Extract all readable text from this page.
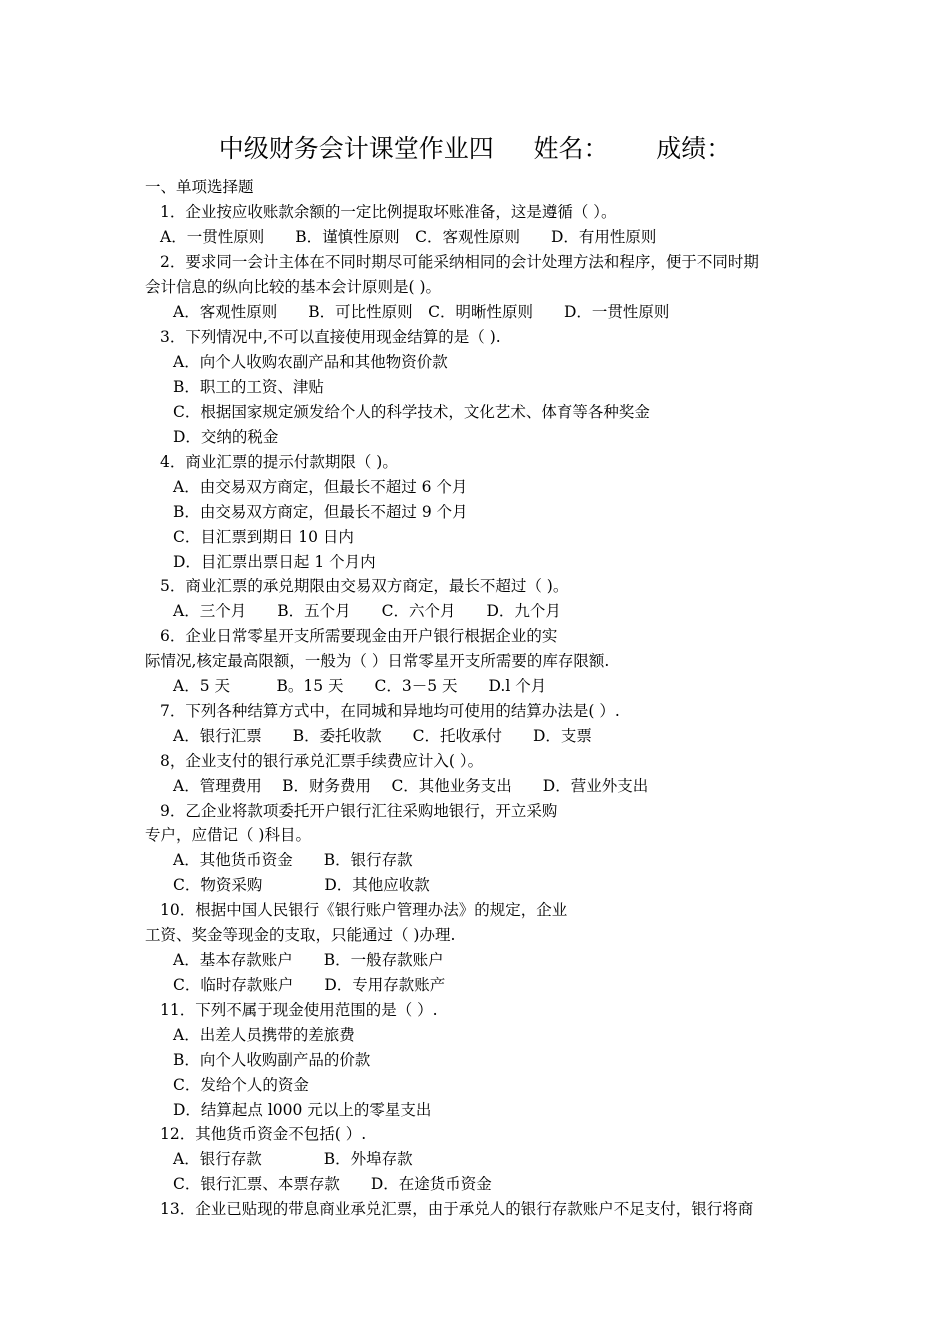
中级财务会计课堂作业四 姓名： 成绩：
一、单项选择题
1．企业按应收账款余额的一定比例提取坏账准备，这是遵循（ ）。
A．一贯性原则　　B．谨慎性原则　C．客观性原则　　D．有用性原则
2．要求同一会计主体在不同时期尽可能采纳相同的会计处理方法和程序，便于不同时期
会计信息的纵向比较的基本会计原则是( )。
A．客观性原则　　B．可比性原则　C．明晰性原则　　D．一贯性原则
3．下列情况中,不可以直接使用现金结算的是（ ).
A．向个人收购农副产品和其他物资价款
B．职工的工资、津贴
C．根据国家规定颁发给个人的科学技术，文化艺术、体育等各种奖金
D．交纳的税金
4．商业汇票的提示付款期限（ )。
A．由交易双方商定，但最长不超过 6 个月
B．由交易双方商定，但最长不超过 9 个月
C．目汇票到期日 10 日内
D．目汇票出票日起 1 个月内
5．商业汇票的承兑期限由交易双方商定，最长不超过（ )。
A．三个月　　B．五个月　　C．六个月　　D．九个月
6．企业日常零星开支所需要现金由开户银行根据企业的实
际情况,核定最高限额，一般为（ ）日常零星开支所需要的库存限额.
A．5 天　　　B。15 天　　C．3－5 天　　D.l 个月
7．下列各种结算方式中，在同城和异地均可使用的结算办法是( ）.
A．银行汇票　　B．委托收款　　C．托收承付　　D．支票
8，企业支付的银行承兑汇票手续费应计入( ）。
A．管理费用　 B．财务费用　 C．其他业务支出　　D．营业外支出
9．乙企业将款项委托开户银行汇往采购地银行，开立采购
专户，应借记（ )科目。
A．其他货币资金　　B．银行存款
C．物资采购　　　　D．其他应收款
10．根据中国人民银行《银行账户管理办法》的规定，企业
工资、奖金等现金的支取，只能通过（ )办理.
A．基本存款账户　　B．一般存款账户
C．临时存款账户　　D．专用存款账产
11．下列不属于现金使用范围的是（ ）.
A．出差人员携带的差旅费
B．向个人收购副产品的价款
C．发给个人的资金
D．结算起点 l000 元以上的零星支出
12．其他货币资金不包括( ）.
A．银行存款　　　　B．外埠存款
C．银行汇票、本票存款　　D．在途货币资金
13．企业已贴现的带息商业承兑汇票，由于承兑人的银行存款账户不足支付，银行将商
